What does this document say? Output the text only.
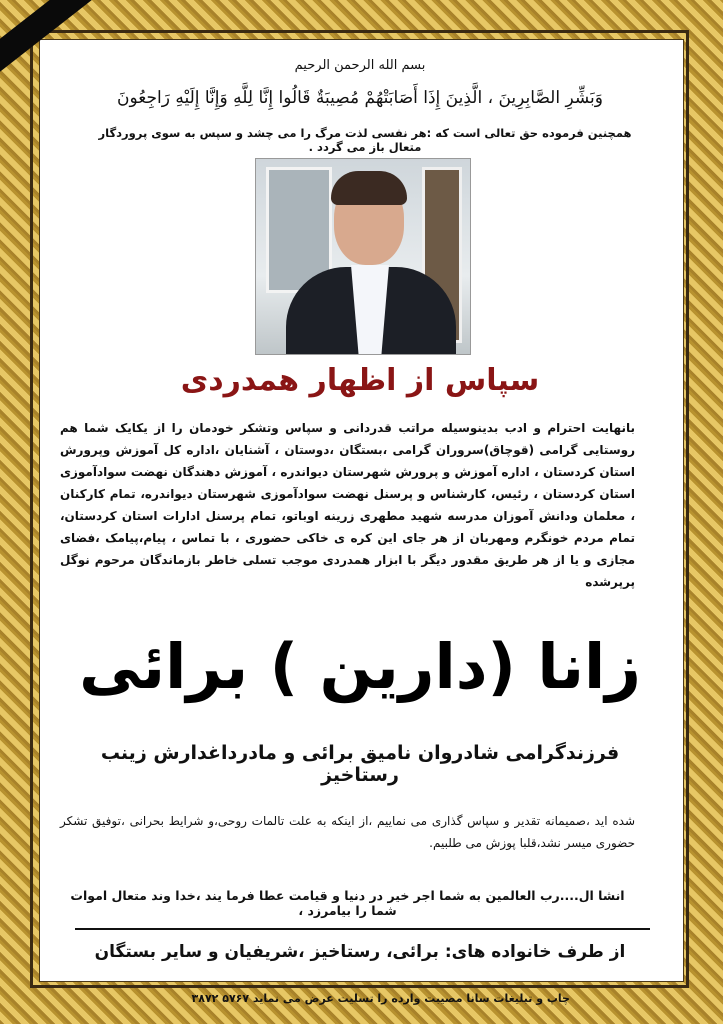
بسم الله الرحمن الرحيم
وَبَشِّرِ الصَّابِرِينَ ، الَّذِينَ إِذَا أَصَابَتْهُمْ مُصِيبَةٌ قَالُوا إِنَّا لِلَّهِ وَإِنَّا إِلَيْهِ رَاجِعُونَ
همچنین فرموده حق تعالی است که :هر نفسی لذت مرگ را می چشد و سپس به سوی پروردگار متعال باز می گردد .
سپاس از اظهار همدردی
بانهایت احترام و ادب بدینوسیله مراتب قدردانی و سپاس وتشکر خودمان را از یکایک شما هم روستایی گرامی (قوچاق)سروران گرامی ،بستگان ،دوستان ، آشنایان ،اداره کل آموزش وپرورش استان کردستان ، اداره آموزش و پرورش شهرستان دیواندره ، آموزش دهندگان نهضت سوادآموزی استان کردستان ، رئیس، کارشناس و پرسنل نهضت سوادآموزی شهرستان دیواندره، تمام کارکنان ، معلمان ودانش آموزان مدرسه شهید مطهری زرینه اوباتو، تمام پرسنل ادارات استان کردستان، تمام مردم خونگرم ومهربان از هر جای این کره ی خاکی حضوری ، با تماس ، پیام،پیامک ،فضای مجازی و یا از هر طریق مقدور دیگر با ابزار همدردی موجب تسلی خاطر بازماندگان مرحوم نوگل پرپرشده
زانا (دارین ) برائی
فرزندگرامی شادروان نامیق برائی و مادرداغدارش زینب رستاخیز
شده اید ،صمیمانه تقدیر و سپاس گذاری می نماییم ،از اینکه به علت تالمات روحی،و شرایط بحرانی ،توفیق تشکر حضوری میسر نشد،قلبا پوزش می طلبیم.
انشا ال....رب العالمین به شما اجر خیر در دنیا و قیامت عطا فرما یند ،خدا وند متعال اموات شما را بیامرزد ،
از طرف خانواده های: برائی، رستاخیز ،شریفیان و سایر بستگان
چاپ و تبلیغات سانا مصیبت وارده را تسلیت عرض می نماید ۵۷۶۷ ۳۸۷۲
